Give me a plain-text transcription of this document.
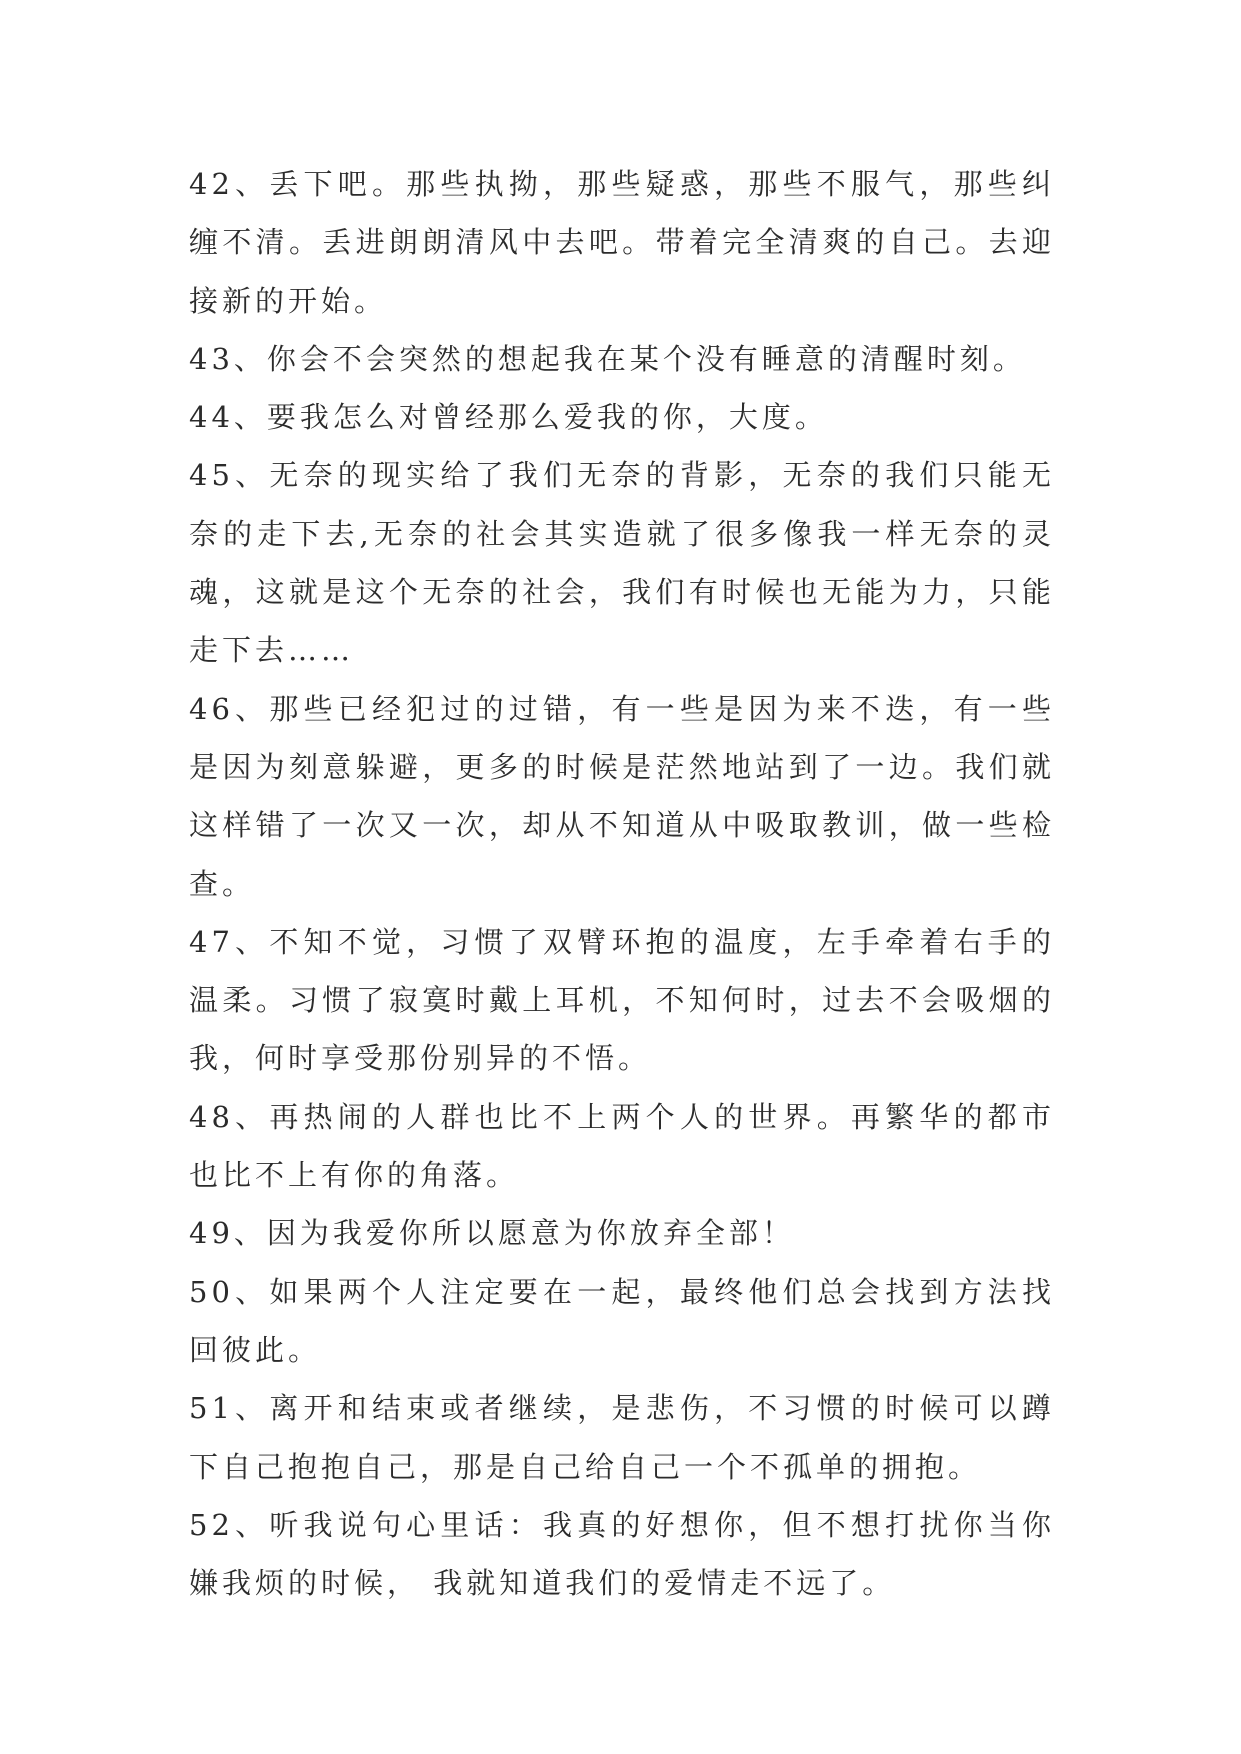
42、丢下吧。那些执拗，那些疑惑，那些不服气，那些纠缠不清。丢进朗朗清风中去吧。带着完全清爽的自己。去迎接新的开始。

43、你会不会突然的想起我在某个没有睡意的清醒时刻。

44、要我怎么对曾经那么爱我的你，大度。

45、无奈的现实给了我们无奈的背影，无奈的我们只能无奈的走下去,无奈的社会其实造就了很多像我一样无奈的灵魂，这就是这个无奈的社会，我们有时候也无能为力，只能走下去……

46、那些已经犯过的过错，有一些是因为来不迭，有一些是因为刻意躲避，更多的时候是茫然地站到了一边。我们就这样错了一次又一次，却从不知道从中吸取教训，做一些检查。

47、不知不觉，习惯了双臂环抱的温度，左手牵着右手的温柔。习惯了寂寞时戴上耳机，不知何时，过去不会吸烟的我，何时享受那份别异的不悟。

48、再热闹的人群也比不上两个人的世界。再繁华的都市也比不上有你的角落。

49、因为我爱你所以愿意为你放弃全部！

50、如果两个人注定要在一起，最终他们总会找到方法找回彼此。

51、离开和结束或者继续，是悲伤，不习惯的时候可以蹲下自己抱抱自己，那是自己给自己一个不孤单的拥抱。

52、听我说句心里话：我真的好想你，但不想打扰你当你嫌我烦的时候， 我就知道我们的爱情走不远了。
